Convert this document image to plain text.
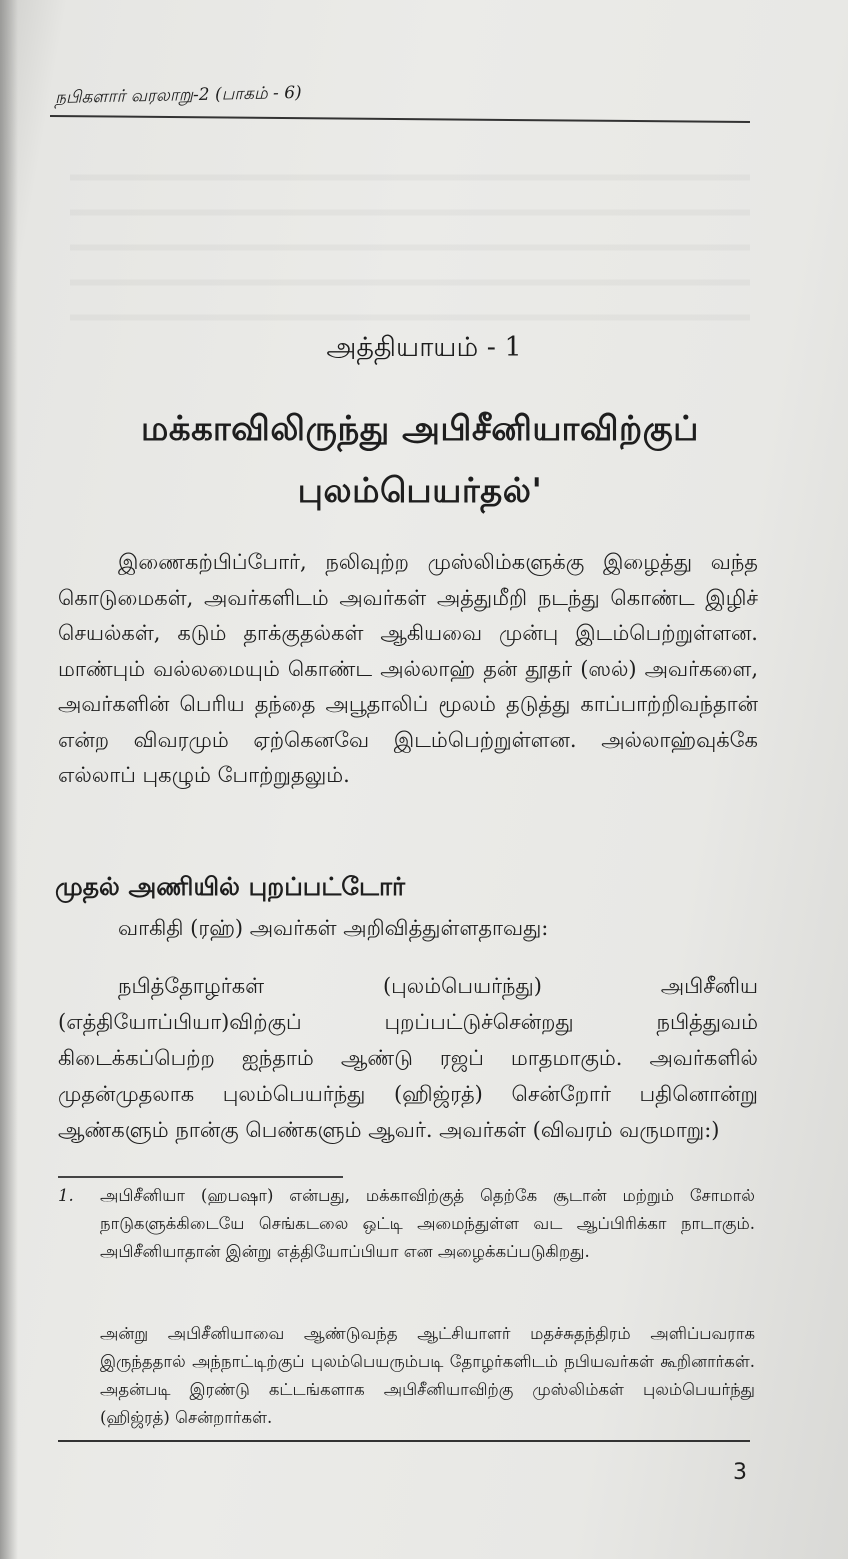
நபிகளார் வரலாறு-2 (பாகம் - 6)
அத்தியாயம் - 1
மக்காவிலிருந்து அபிசீனியாவிற்குப்
புலம்பெயர்தல்'

இணைகற்பிப்போர், நலிவுற்ற முஸ்லிம்களுக்கு இழைத்து வந்த கொடுமைகள், அவர்களிடம் அவர்கள் அத்துமீறி நடந்து கொண்ட இழிச் செயல்கள், கடும் தாக்குதல்கள் ஆகியவை முன்பு இடம்பெற்றுள்ளன. மாண்பும் வல்லமையும் கொண்ட அல்லாஹ் தன் தூதர் (ஸல்) அவர்களை, அவர்களின் பெரிய தந்தை அபூதாலிப் மூலம் தடுத்து காப்பாற்றிவந்தான் என்ற விவரமும் ஏற்கெனவே இடம்பெற்றுள்ளன. அல்லாஹ்வுக்கே எல்லாப் புகழும் போற்றுதலும்.

முதல் அணியில் புறப்பட்டோர்
வாகிதி (ரஹ்) அவர்கள் அறிவித்துள்ளதாவது:

நபித்தோழர்கள் (புலம்பெயர்ந்து) அபிசீனிய (எத்தியோப்பியா)விற்குப் புறப்பட்டுச்சென்றது நபித்துவம் கிடைக்கப்பெற்ற ஐந்தாம் ஆண்டு ரஜப் மாதமாகும். அவர்களில் முதன்முதலாக புலம்பெயர்ந்து (ஹிஜ்ரத்) சென்றோர் பதினொன்று ஆண்களும் நான்கு பெண்களும் ஆவர். அவர்கள் (விவரம் வருமாறு:)

1. அபிசீனியா (ஹபஷா) என்பது, மக்காவிற்குத் தெற்கே சூடான் மற்றும் சோமால் நாடுகளுக்கிடையே செங்கடலை ஒட்டி அமைந்துள்ள வட ஆப்பிரிக்கா நாடாகும். அபிசீனியாதான் இன்று எத்தியோப்பியா என அழைக்கப்படுகிறது.

அன்று அபிசீனியாவை ஆண்டுவந்த ஆட்சியாளர் மதச்சுதந்திரம் அளிப்பவராக இருந்ததால் அந்நாட்டிற்குப் புலம்பெயரும்படி தோழர்களிடம் நபியவர்கள் கூறினார்கள். அதன்படி இரண்டு கட்டங்களாக அபிசீனியாவிற்கு முஸ்லிம்கள் புலம்பெயர்ந்து (ஹிஜ்ரத்) சென்றார்கள்.

3
